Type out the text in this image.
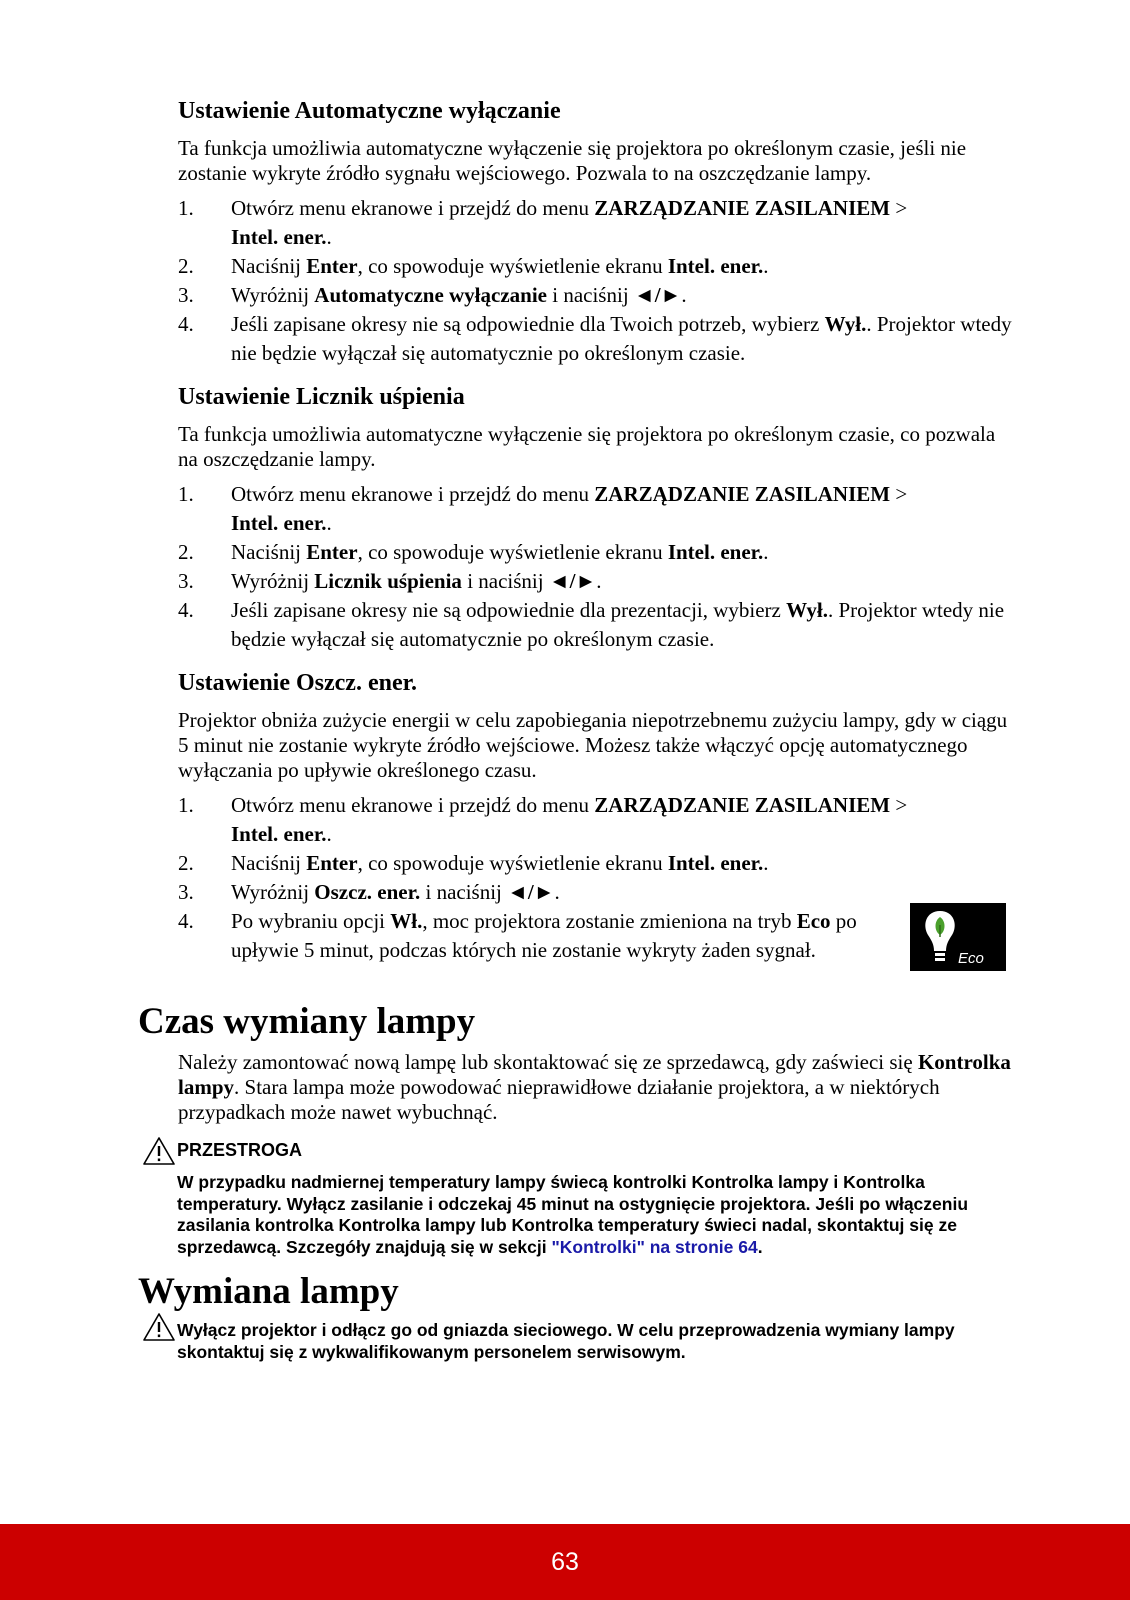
Ustawienie Automatyczne wyłączanie

Ta funkcja umożliwia automatyczne wyłączenie się projektora po określonym czasie, jeśli nie zostanie wykryte źródło sygnału wejściowego. Pozwala to na oszczędzanie lampy.

1. Otwórz menu ekranowe i przejdź do menu ZARZĄDZANIE ZASILANIEM >
Intel. ener..
2. Naciśnij Enter, co spowoduje wyświetlenie ekranu Intel. ener..
3. Wyróżnij Automatyczne wyłączanie i naciśnij ◄/►.
4. Jeśli zapisane okresy nie są odpowiednie dla Twoich potrzeb, wybierz Wył.. Projektor wtedy nie będzie wyłączał się automatycznie po określonym czasie.
Ustawienie Licznik uśpienia

Ta funkcja umożliwia automatyczne wyłączenie się projektora po określonym czasie, co pozwala na oszczędzanie lampy.

1. Otwórz menu ekranowe i przejdź do menu ZARZĄDZANIE ZASILANIEM >
Intel. ener..
2. Naciśnij Enter, co spowoduje wyświetlenie ekranu Intel. ener..
3. Wyróżnij Licznik uśpienia i naciśnij ◄/►.
4. Jeśli zapisane okresy nie są odpowiednie dla prezentacji, wybierz Wył.. Projektor wtedy nie będzie wyłączał się automatycznie po określonym czasie.
Ustawienie Oszcz. ener.

Projektor obniża zużycie energii w celu zapobiegania niepotrzebnemu zużyciu lampy, gdy w ciągu 5 minut nie zostanie wykryte źródło wejściowe. Możesz także włączyć opcję automatycznego wyłączania po upływie określonego czasu.

1. Otwórz menu ekranowe i przejdź do menu ZARZĄDZANIE ZASILANIEM >
Intel. ener..
2. Naciśnij Enter, co spowoduje wyświetlenie ekranu Intel. ener..
3. Wyróżnij Oszcz. ener. i naciśnij ◄/►.
4. Po wybraniu opcji Wł., moc projektora zostanie zmieniona na tryb Eco po upływie 5 minut, podczas których nie zostanie wykryty żaden sygnał.	Eco
Czas wymiany lampy
Należy zamontować nową lampę lub skontaktować się ze sprzedawcą, gdy zaświeci się Kontrolka lampy. Stara lampa może powodować nieprawidłowe działanie projektora, a w niektórych przypadkach może nawet wybuchnąć.
PRZESTROGA

W przypadku nadmiernej temperatury lampy świecą kontrolki Kontrolka lampy i Kontrolka temperatury. Wyłącz zasilanie i odczekaj 45 minut na ostygnięcie projektora. Jeśli po włączeniu zasilania kontrolka Kontrolka lampy lub Kontrolka temperatury świeci nadal, skontaktuj się ze sprzedawcą. Szczegóły znajdują się w sekcji "Kontrolki" na stronie 64.

Wymiana lampy

Wyłącz projektor i odłącz go od gniazda sieciowego. W celu przeprowadzenia wymiany lampy skontaktuj się z wykwalifikowanym personelem serwisowym.

63
